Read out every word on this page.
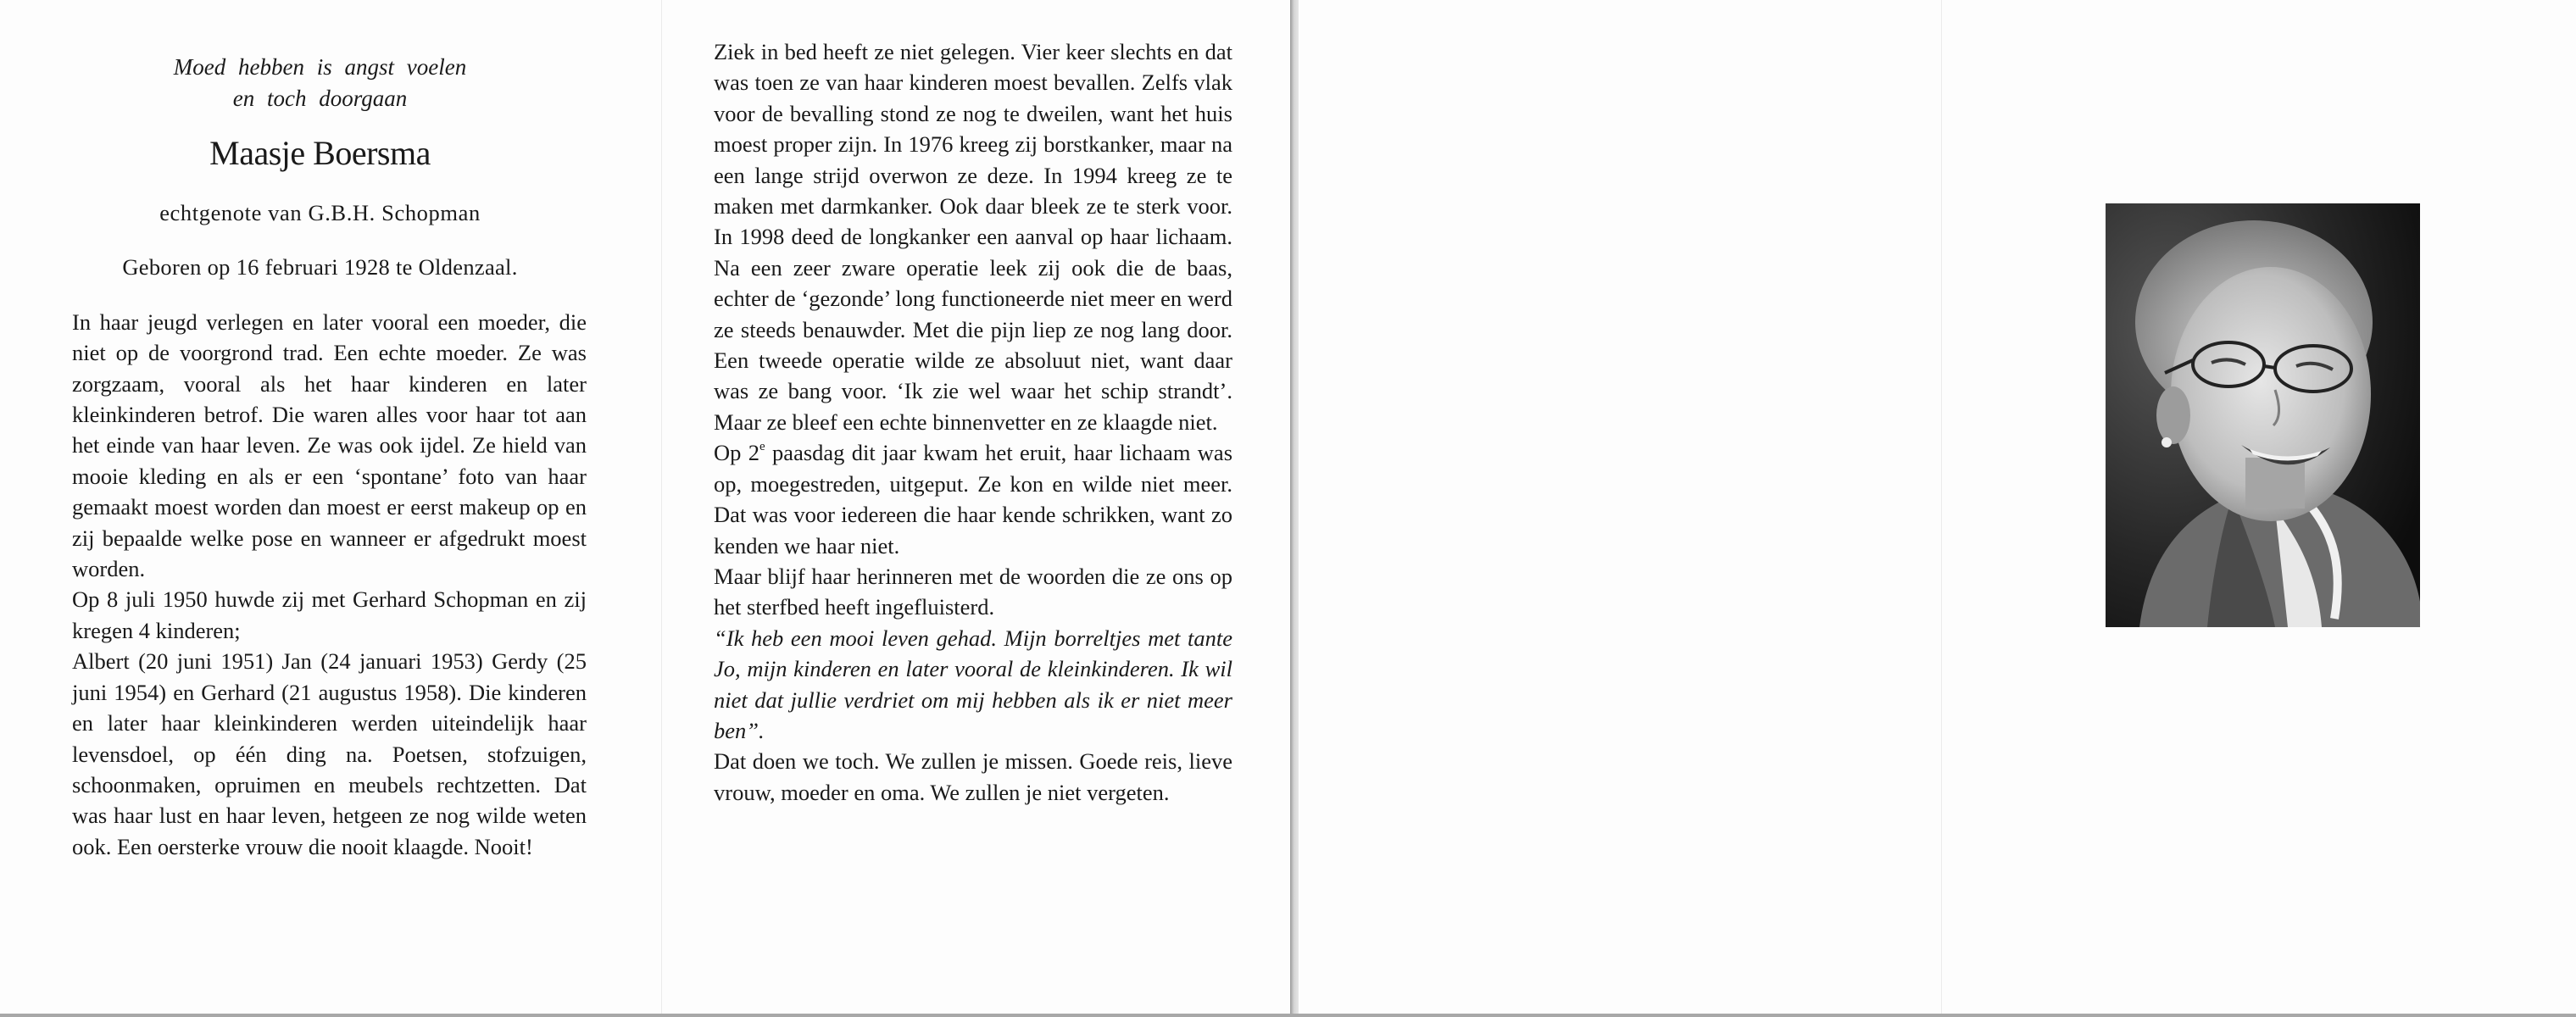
Moed hebben is angst voelen
en toch doorgaan
Maasje Boersma
echtgenote van G.B.H. Schopman
Geboren op 16 februari 1928 te Oldenzaal.

In haar jeugd verlegen en later vooral een moeder, die niet op de voorgrond trad. Een echte moeder. Ze was zorgzaam, vooral als het haar kinderen en later kleinkinderen betrof. Die waren alles voor haar tot aan het einde van haar leven. Ze was ook ijdel. Ze hield van mooie kleding en als er een ‘spontane’ foto van haar gemaakt moest worden dan moest er eerst makeup op en zij bepaalde welke pose en wanneer er afgedrukt moest worden.

Op 8 juli 1950 huwde zij met Gerhard Schopman en zij kregen 4 kinderen;

Albert (20 juni 1951) Jan (24 januari 1953) Gerdy (25 juni 1954) en Gerhard (21 augustus 1958). Die kinderen en later haar kleinkinderen werden uiteindelijk haar levensdoel, op één ding na. Poetsen, stofzuigen, schoonmaken, opruimen en meubels rechtzetten. Dat was haar lust en haar leven, hetgeen ze nog wilde weten ook. Een oersterke vrouw die nooit klaagde. Nooit!

Ziek in bed heeft ze niet gelegen. Vier keer slechts en dat was toen ze van haar kinderen moest bevallen. Zelfs vlak voor de bevalling stond ze nog te dweilen, want het huis moest proper zijn. In 1976 kreeg zij borstkanker, maar na een lange strijd overwon ze deze. In 1994 kreeg ze te maken met darmkanker. Ook daar bleek ze te sterk voor. In 1998 deed de longkanker een aanval op haar lichaam. Na een zeer zware operatie leek zij ook die de baas, echter de ‘gezonde’ long functioneerde niet meer en werd ze steeds benauwder. Met die pijn liep ze nog lang door. Een tweede operatie wilde ze absoluut niet, want daar was ze bang voor. ‘Ik zie wel waar het schip strandt’. Maar ze bleef een echte binnenvetter en ze klaagde niet.

Op 2e paasdag dit jaar kwam het eruit, haar lichaam was op, moegestreden, uitgeput. Ze kon en wilde niet meer. Dat was voor iedereen die haar kende schrikken, want zo kenden we haar niet.

Maar blijf haar herinneren met de woorden die ze ons op het sterfbed heeft ingefluisterd.

“Ik heb een mooi leven gehad. Mijn borreltjes met tante Jo, mijn kinderen en later vooral de kleinkinderen. Ik wil niet dat jullie verdriet om mij hebben als ik er niet meer ben”.

Dat doen we toch. We zullen je missen. Goede reis, lieve vrouw, moeder en oma. We zullen je niet vergeten.
